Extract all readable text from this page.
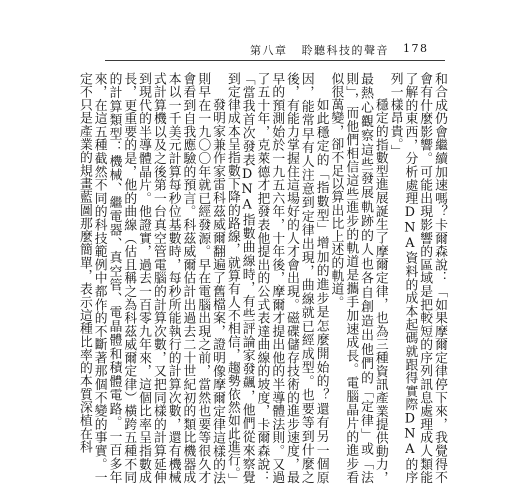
第八章 聆聽科技的聲音 178

和合成仍會繼續加速嗎？卡爾森說：「如果摩爾定律停下來，我覺得不會有什麼影響。可能出現影響的區域是把較短的序列訊息處理成人類能了解的東西，分析處理DNA資料的成本起碼就跟得實際DNA的序列一樣昂貴。」

穩定的指數型進展誕生了摩爾定律，也為三種資訊產業提供動力，最熱心觀察這些發展軌跡的人也各自創造出他們的「定律」或「法則」，而他們相信這些進步的軌道是攜手加速成長。電腦晶片的進步看似很萬變，卻不足以算出比上述的軌道。

如此穩定的「指數型」增加的進步是怎麼開始的？還有另一個原因，能常早有人注意到定律出現，曲線就已經成型。也要等到什麼之後，有能力掌握住這場好的人才會出現。磁碟儲存技術的進步速度，最早的預測始於一九五六年，十年後，摩爾才提出他的半導體法則。又過了五十年，克萊德才把發表他提出的公式表達曲線的坡度，卡爾森說：「當我首次發表DNA指數曲線時，有些評論家發飆，他們從來察覺到定律成本呈指數下降的路線，就算有人不相信，趨勢依然如此進行。」

發明家兼作家雷科茲威爾翻遍了舊檔案，證明像摩爾定律這樣的法則早在一九〇〇年就已經發源。早在電腦出現之前，當然也要等很久才會看到自我應驗的預言。科茲威爾估計出過去二十世紀初的類比機器成本以一千美元計算每秒位基數時，每秒所能執行的計算次數，還有機械式計算機以及之後第一台真空管電腦的計算次數，又把同樣的計算延伸到現代的半導體晶片。他證實，過去一百零九年來，這個比率呈指數成長，更重要的是，他的曲線（估且稱之為科茲威爾定律）橫跨五種不同的計算類型：機械、繼電器、真空管、電晶體和積體電路。一百多年來，在這五種截然不同的科技範例中都作的不斷著那個不變的事實。一定不只是產業的規畫藍圖那麼簡單，表示這種比率的本質深植在科
